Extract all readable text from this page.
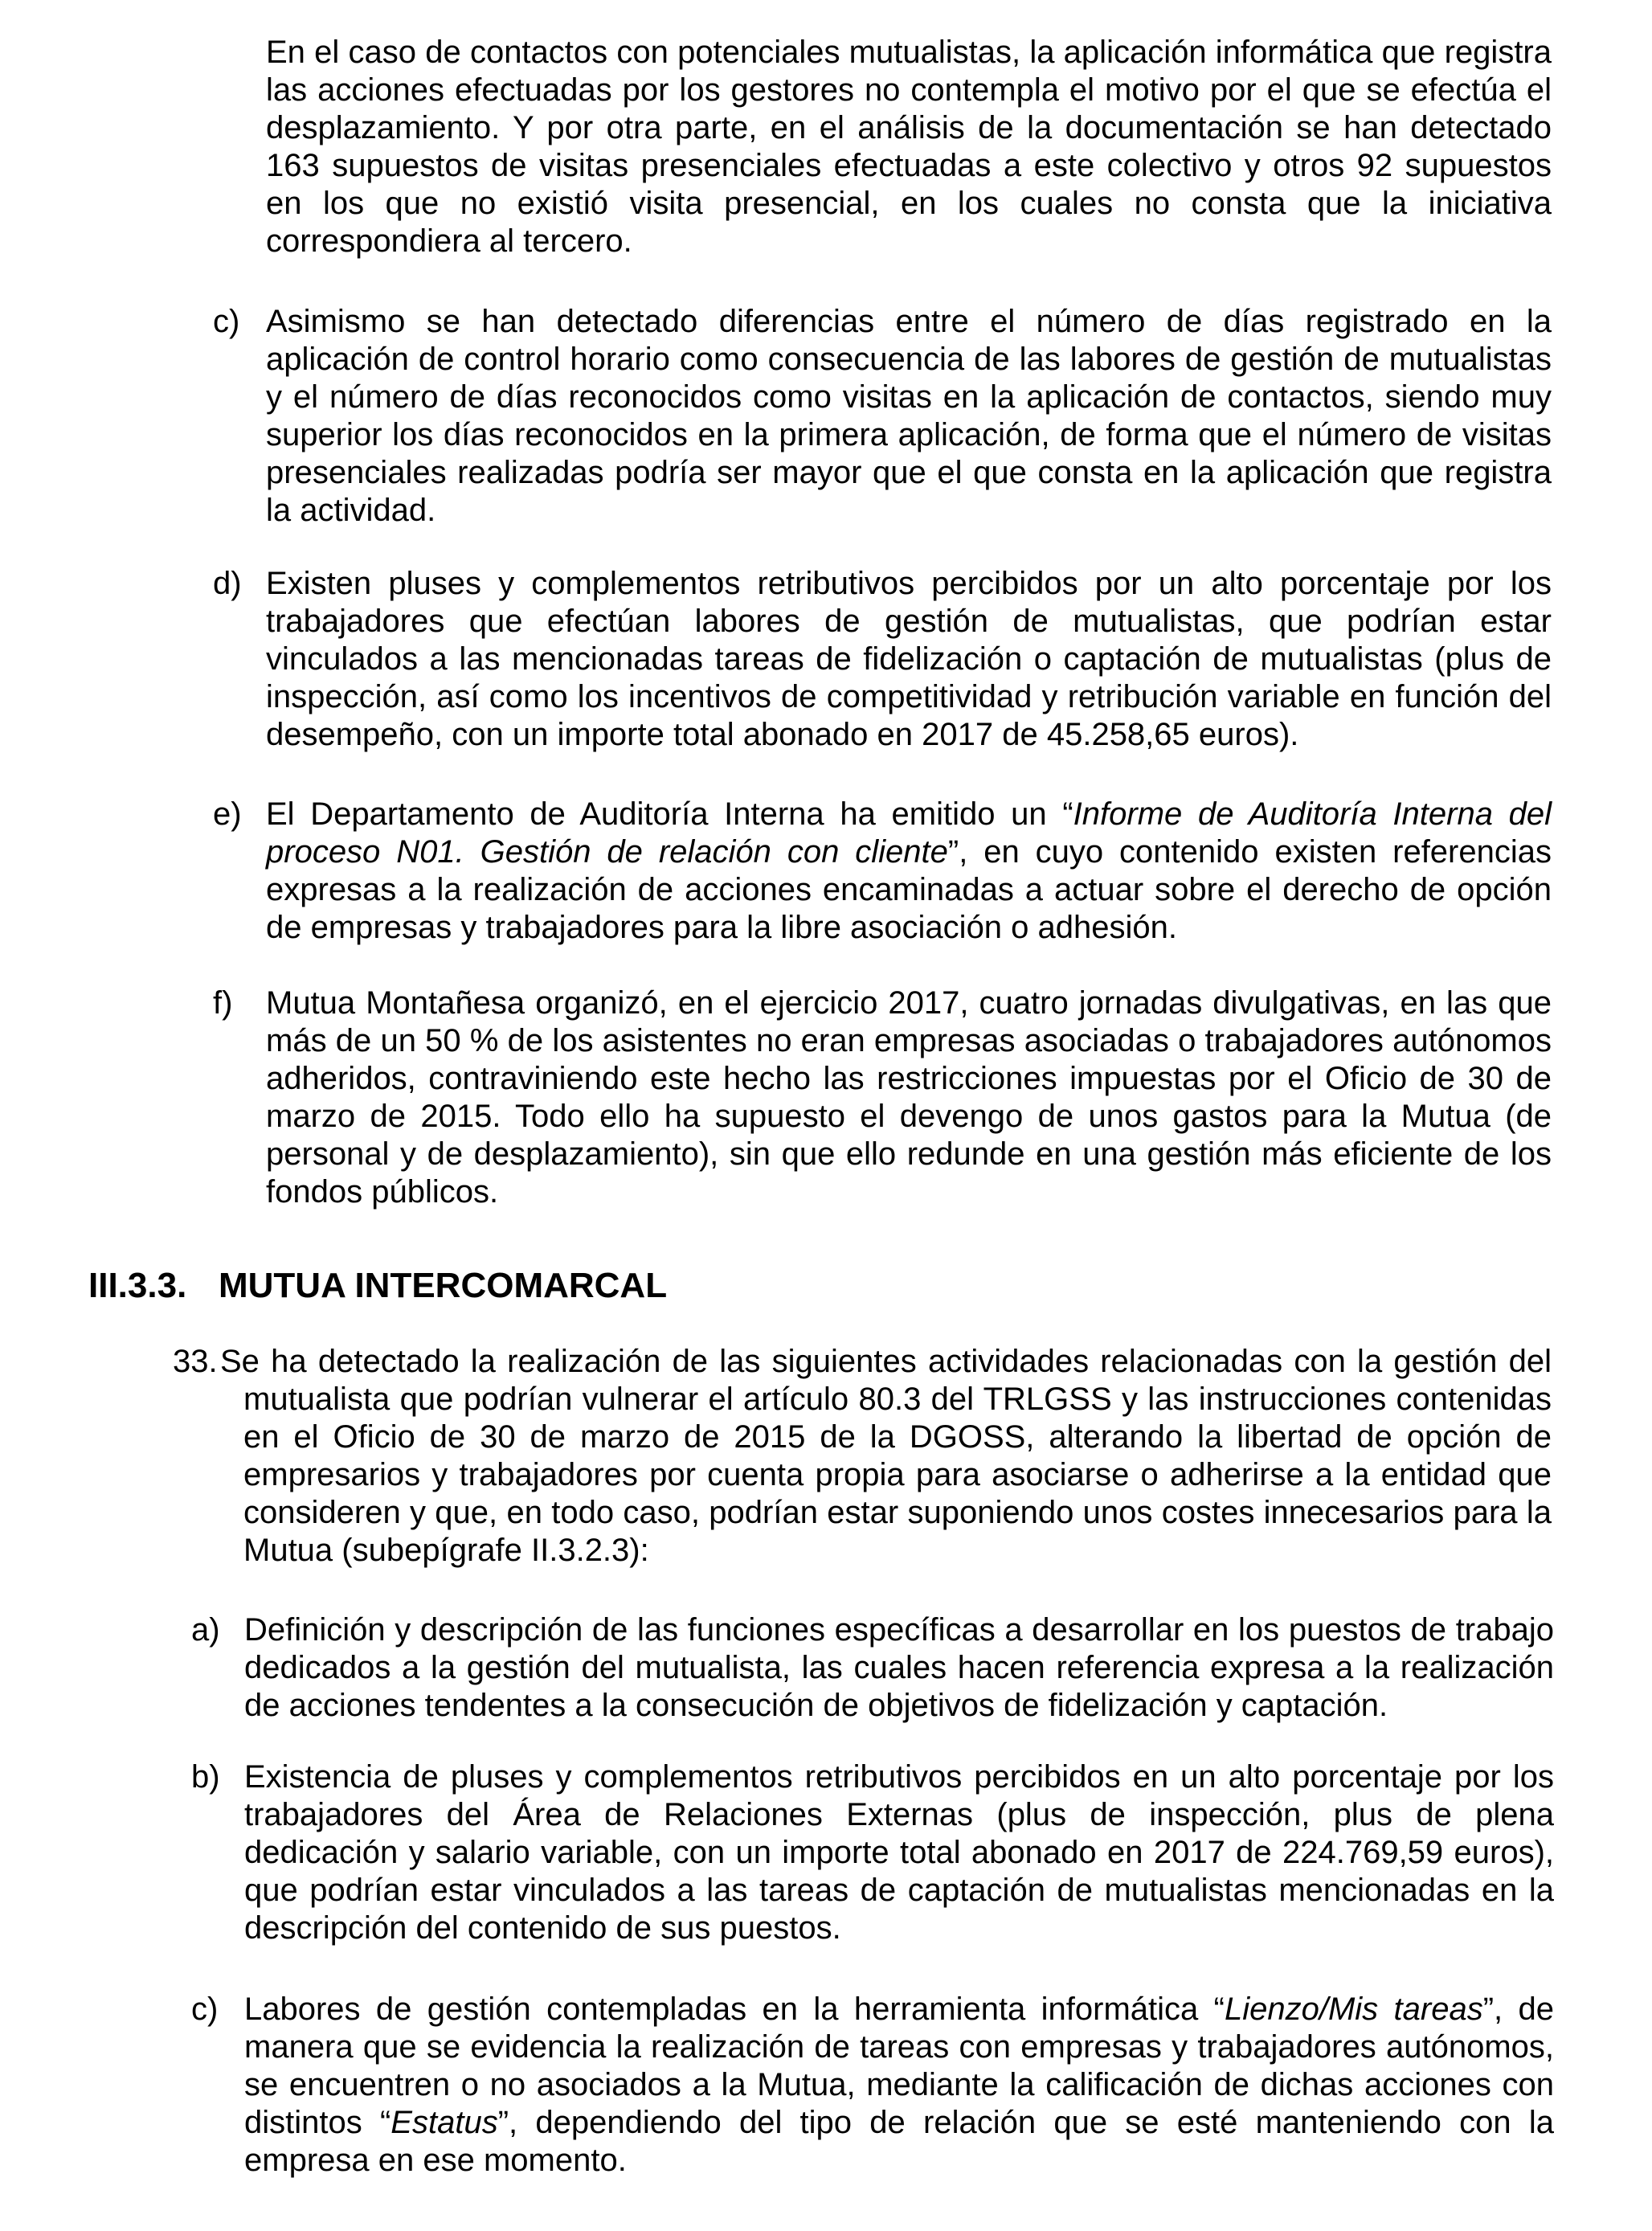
En el caso de contactos con potenciales mutualistas, la aplicación informática que registra las acciones efectuadas por los gestores no contempla el motivo por el que se efectúa el desplazamiento. Y por otra parte, en el análisis de la documentación se han detectado 163 supuestos de visitas presenciales efectuadas a este colectivo y otros 92 supuestos en los que no existió visita presencial, en los cuales no consta que la iniciativa correspondiera al tercero.
c) Asimismo se han detectado diferencias entre el número de días registrado en la aplicación de control horario como consecuencia de las labores de gestión de mutualistas y el número de días reconocidos como visitas en la aplicación de contactos, siendo muy superior los días reconocidos en la primera aplicación, de forma que el número de visitas presenciales realizadas podría ser mayor que el que consta en la aplicación que registra la actividad.
d) Existen pluses y complementos retributivos percibidos por un alto porcentaje por los trabajadores que efectúan labores de gestión de mutualistas, que podrían estar vinculados a las mencionadas tareas de fidelización o captación de mutualistas (plus de inspección, así como los incentivos de competitividad y retribución variable en función del desempeño, con un importe total abonado en 2017 de 45.258,65 euros).
e) El Departamento de Auditoría Interna ha emitido un “Informe de Auditoría Interna del proceso N01. Gestión de relación con cliente”, en cuyo contenido existen referencias expresas a la realización de acciones encaminadas a actuar sobre el derecho de opción de empresas y trabajadores para la libre asociación o adhesión.
f) Mutua Montañesa organizó, en el ejercicio 2017, cuatro jornadas divulgativas, en las que más de un 50 % de los asistentes no eran empresas asociadas o trabajadores autónomos adheridos, contraviniendo este hecho las restricciones impuestas por el Oficio de 30 de marzo de 2015. Todo ello ha supuesto el devengo de unos gastos para la Mutua (de personal y de desplazamiento), sin que ello redunde en una gestión más eficiente de los fondos públicos.
III.3.3. MUTUA INTERCOMARCAL
33.Se ha detectado la realización de las siguientes actividades relacionadas con la gestión del mutualista que podrían vulnerar el artículo 80.3 del TRLGSS y las instrucciones contenidas en el Oficio de 30 de marzo de 2015 de la DGOSS, alterando la libertad de opción de empresarios y trabajadores por cuenta propia para asociarse o adherirse a la entidad que consideren y que, en todo caso, podrían estar suponiendo unos costes innecesarios para la Mutua (subepígrafe II.3.2.3):
a) Definición y descripción de las funciones específicas a desarrollar en los puestos de trabajo dedicados a la gestión del mutualista, las cuales hacen referencia expresa a la realización de acciones tendentes a la consecución de objetivos de fidelización y captación.
b) Existencia de pluses y complementos retributivos percibidos en un alto porcentaje por los trabajadores del Área de Relaciones Externas (plus de inspección, plus de plena dedicación y salario variable, con un importe total abonado en 2017 de 224.769,59 euros), que podrían estar vinculados a las tareas de captación de mutualistas mencionadas en la descripción del contenido de sus puestos.
c) Labores de gestión contempladas en la herramienta informática “Lienzo/Mis tareas”, de manera que se evidencia la realización de tareas con empresas y trabajadores autónomos, se encuentren o no asociados a la Mutua, mediante la calificación de dichas acciones con distintos “Estatus”, dependiendo del tipo de relación que se esté manteniendo con la empresa en ese momento.
